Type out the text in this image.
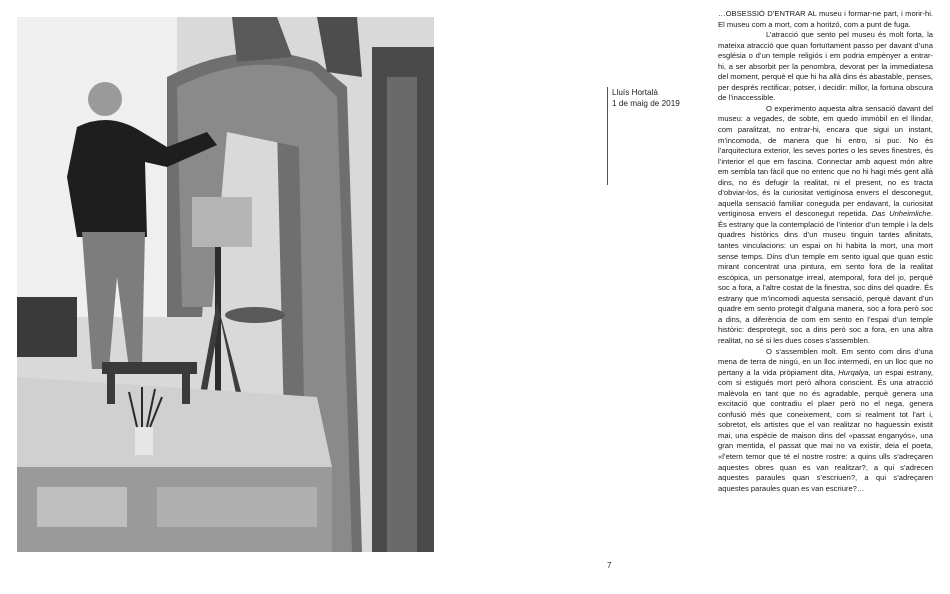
Lluís Hortalà
1 de maig de 2019

…OBSESSIÓ D’ENTRAR AL museu i formar-ne part, i morir-hi. El museu com a mort, com a horitzó, com a punt de fuga.

L’atracció que sento pel museu és molt forta, la mateixa atracció que quan fortuïtament passo per davant d’una església o d’un temple religiós i em podria empènyer a entrar-hi, a ser absorbit per la penombra, devorat per la immediatesa del moment, perquè el que hi ha allà dins és abastable, penses, per després rectificar, potser, i decidir: millor, la fortuna obscura de l’inaccessible.

O experimento aquesta altra sensació davant del museu: a vegades, de sobte, em quedo immòbil en el llindar, com paralitzat, no entrar-hi, encara que sigui un instant, m’incomoda, de manera que hi entro, si puc. No és l’arquitectura exterior, les seves portes o les seves finestres, és l’interior el que em fascina. Connectar amb aquest món altre em sembla tan fàcil que no entenc que no hi hagi més gent allà dins, no és defugir la realitat, ni el present, no es tracta d’obviar-los, és la curiositat vertiginosa envers el desconegut, aquella sensació familiar coneguda per endavant, la curiositat vertiginosa envers el desconegut repetida. Das Unheimliche. És estrany que la contemplació de l’interior d’un temple i la dels quadres històrics dins d’un museu tinguin tantes afinitats, tantes vinculacions: un espai on hi habita la mort, una mort sense temps. Dins d’un temple em sento igual que quan estic mirant concentrat una pintura, em sento fora de la realitat escòpica, un personatge irreal, atemporal, fora del jo, perquè soc a fora, a l’altre costat de la finestra, soc dins del quadre. És estrany que m’incomodi aquesta sensació, perquè davant d’un quadre em sento protegit d’alguna manera, soc a fora però soc a dins, a diferència de com em sento en l’espai d’un temple històric: desprotegit, soc a dins però soc a fora, en una altra realitat, no sé si les dues coses s’assemblen.

O s’assemblen molt. Em sento com dins d’una mena de terra de ningú, en un lloc intermedi, en un lloc que no pertany a la vida pròpiament dita, Hurqalya, un espai estrany, com si estigués mort però alhora conscient. És una atracció malèvola en tant que no és agradable, perquè genera una excitació que contradiu el plaer però no el nega, genera confusió més que coneixement, com si realment tot l’art i, sobretot, els artistes que el van realitzar no haguessin existit mai, una espècie de maison dins del «passat enganyós», una gran mentida, el passat que mai no va existir, deia el poeta, «l’etern temor que té el nostre rostre: a quins ulls s’adreçaren aquestes obres quan es van realitzar?, a qui s’adrecen aquestes paraules quan s’escriuen?, a qui s’adreçaren aquestes paraules quan es van escriure?…

7
